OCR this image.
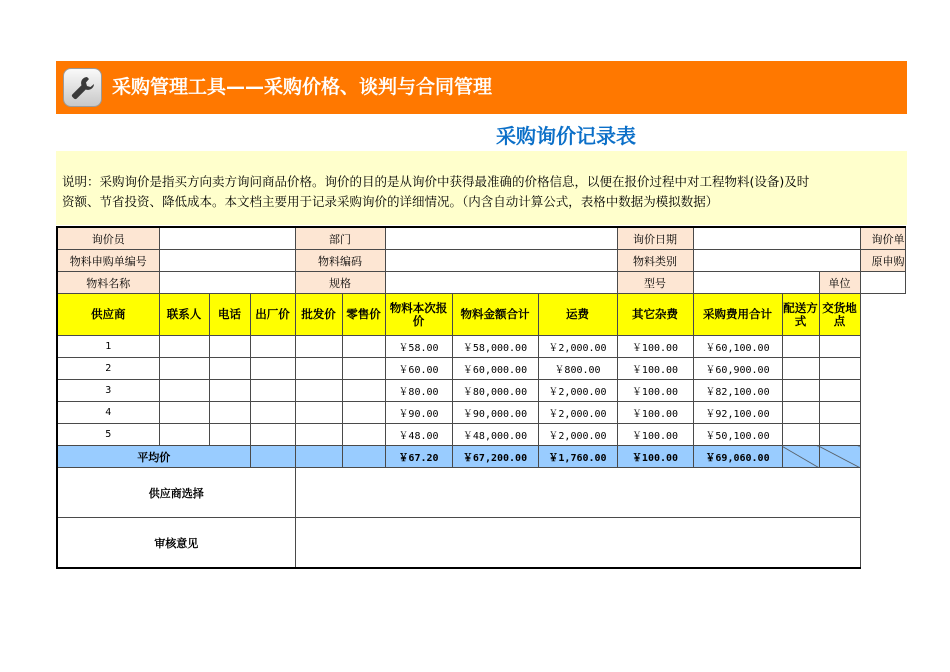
采购管理工具——采购价格、谈判与合同管理
采购询价记录表
说明：采购询价是指买方向卖方询问商品价格。询价的目的是从询价中获得最准确的价格信息，以便在报价过程中对工程物料(设备)及时
资额、节省投资、降低成本。本文档主要用于记录采购询价的详细情况。（内含自动计算公式，表格中数据为模拟数据）
询价员				部门					询价日期				询价单
物料申购单编号				物料编码					物料类别				原申购
物料名称				规格					型号			单位	
供应商	联系人	电话	出厂价	批发价	零售价	物料本次报价	物料金额合计	运费	其它杂费	采购费用合计	配送方式	交货地点	
1						￥58.00	￥58,000.00	￥2,000.00	￥100.00	￥60,100.00			
2						￥60.00	￥60,000.00	￥800.00	￥100.00	￥60,900.00			
3						￥80.00	￥80,000.00	￥2,000.00	￥100.00	￥82,100.00			
4						￥90.00	￥90,000.00	￥2,000.00	￥100.00	￥92,100.00			
5						￥48.00	￥48,000.00	￥2,000.00	￥100.00	￥50,100.00			
平均价						￥67.20	￥67,200.00	￥1,760.00	￥100.00	￥69,060.00			
供应商选择													
审核意见													
